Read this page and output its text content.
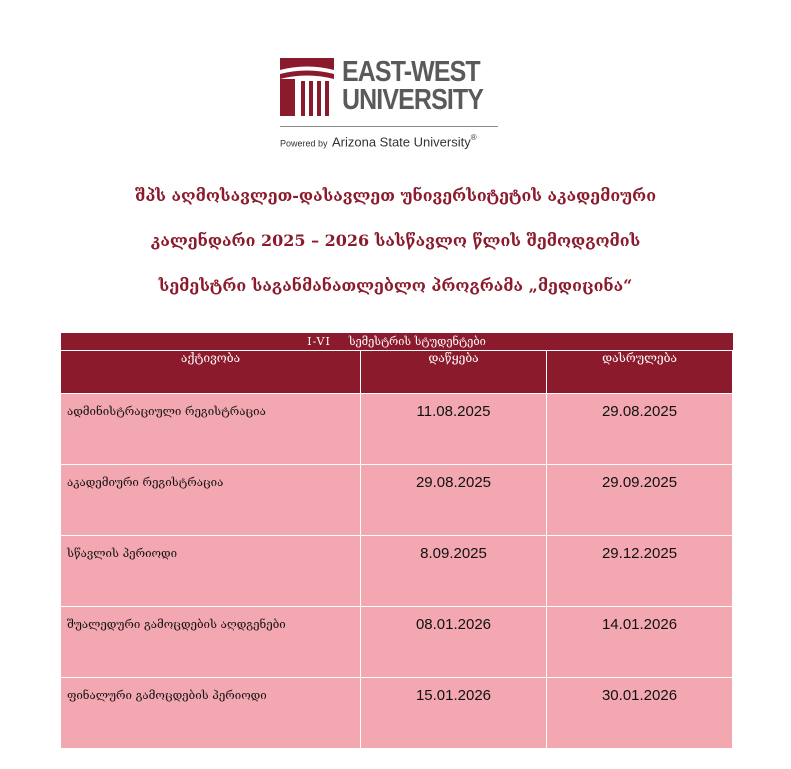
EAST-WEST
UNIVERSITY
Powered by Arizona State University®
შპს აღმოსავლეთ-დასავლეთ უნივერსიტეტის აკადემიური
კალენდარი 2025 – 2026 სასწავლო წლის შემოდგომის
სემესტრი საგანმანათლებლო პროგრამა „მედიცინა“
I-VI სემესტრის სტუდენტები		
აქტივობა	დაწყება	დასრულება
ადმინისტრაციული რეგისტრაცია	11.08.2025	29.08.2025
აკადემიური რეგისტრაცია	29.08.2025	29.09.2025
სწავლის პერიოდი	8.09.2025	29.12.2025
შუალედური გამოცდების აღდგენები	08.01.2026	14.01.2026
ფინალური გამოცდების პერიოდი	15.01.2026	30.01.2026
